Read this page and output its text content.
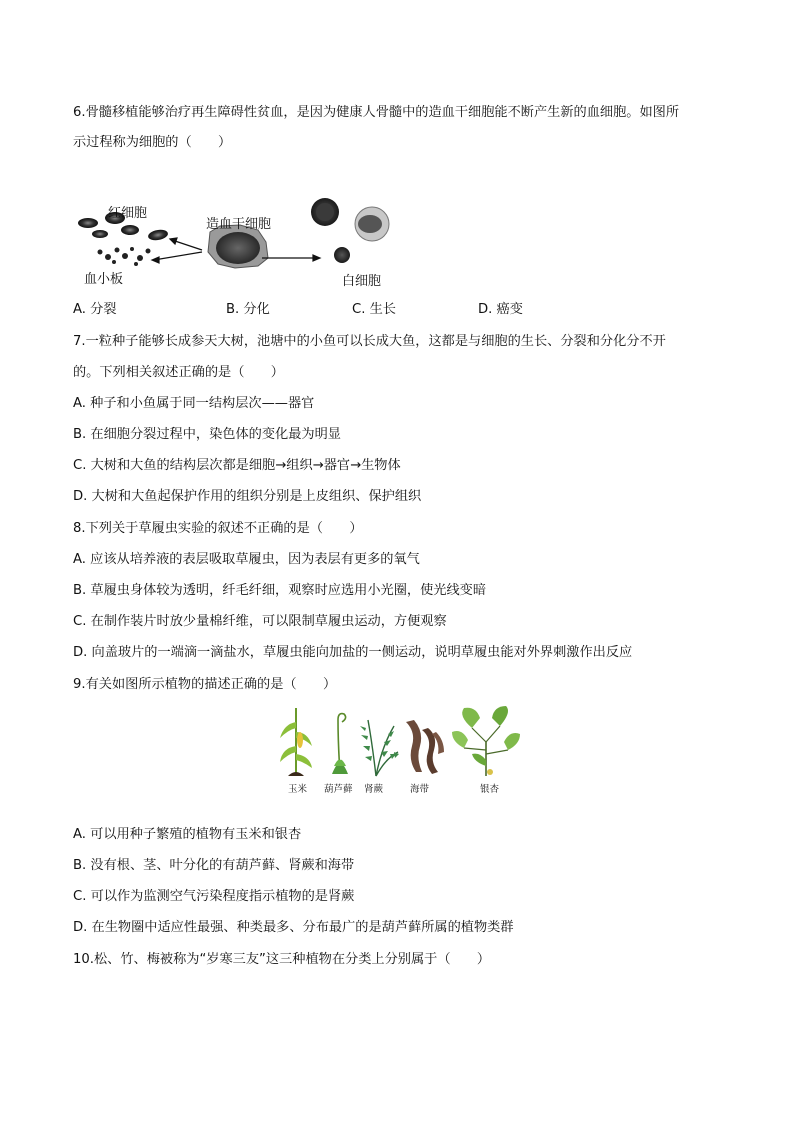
6.骨髓移植能够治疗再生障碍性贫血，是因为健康人骨髓中的造血干细胞能不断产生新的血细胞。如图所
示过程称为细胞的（　　）
红细胞
血小板
造血干细胞
白细胞
A. 分裂	B. 分化	C. 生长	D. 癌变
7.一粒种子能够长成参天大树，池塘中的小鱼可以长成大鱼，这都是与细胞的生长、分裂和分化分不开
的。下列相关叙述正确的是（　　）
A. 种子和小鱼属于同一结构层次——器官
B. 在细胞分裂过程中，染色体的变化最为明显
C. 大树和大鱼的结构层次都是细胞→组织→器官→生物体
D. 大树和大鱼起保护作用的组织分别是上皮组织、保护组织
8.下列关于草履虫实验的叙述不正确的是（　　）
A. 应该从培养液的表层吸取草履虫，因为表层有更多的氧气
B. 草履虫身体较为透明，纤毛纤细，观察时应选用小光圈，使光线变暗
C. 在制作装片时放少量棉纤维，可以限制草履虫运动，方便观察
D. 向盖玻片的一端滴一滴盐水，草履虫能向加盐的一侧运动，说明草履虫能对外界刺激作出反应
9.有关如图所示植物的描述正确的是（　　）
玉米 葫芦藓 肾蕨	海带	银杏
A. 可以用种子繁殖的植物有玉米和银杏
B. 没有根、茎、叶分化的有葫芦藓、肾蕨和海带
C. 可以作为监测空气污染程度指示植物的是肾蕨
D. 在生物圈中适应性最强、种类最多、分布最广的是葫芦藓所属的植物类群
10.松、竹、梅被称为“岁寒三友”这三种植物在分类上分别属于（　　）
